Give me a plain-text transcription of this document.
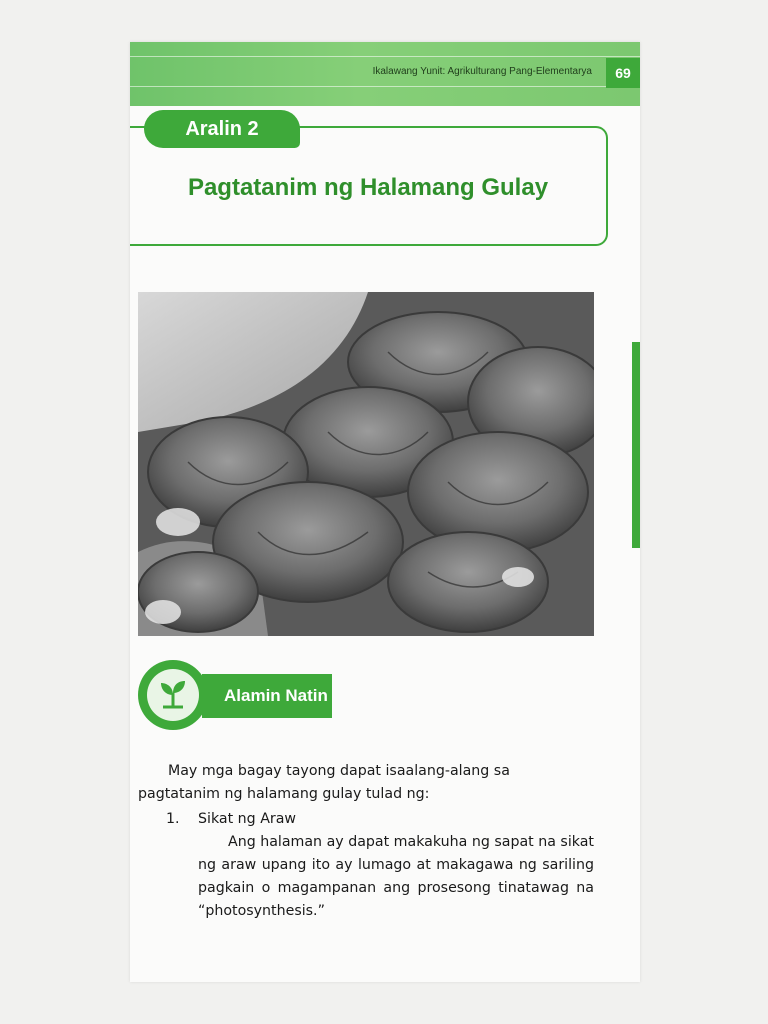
Ikalawang Yunit: Agrikulturang Pang-Elementarya	69
Aralin 2
Pagtatanim ng Halamang Gulay
Alamin Natin

May mga bagay tayong dapat isaalang-alang sa pagtatanim ng halamang gulay tulad ng:

1. Sikat ng Araw
Ang halaman ay dapat makakuha ng sapat na sikat ng araw upang ito ay lumago at makagawa ng sariling pagkain o magampanan ang prosesong tinatawag na “photosynthesis.”
